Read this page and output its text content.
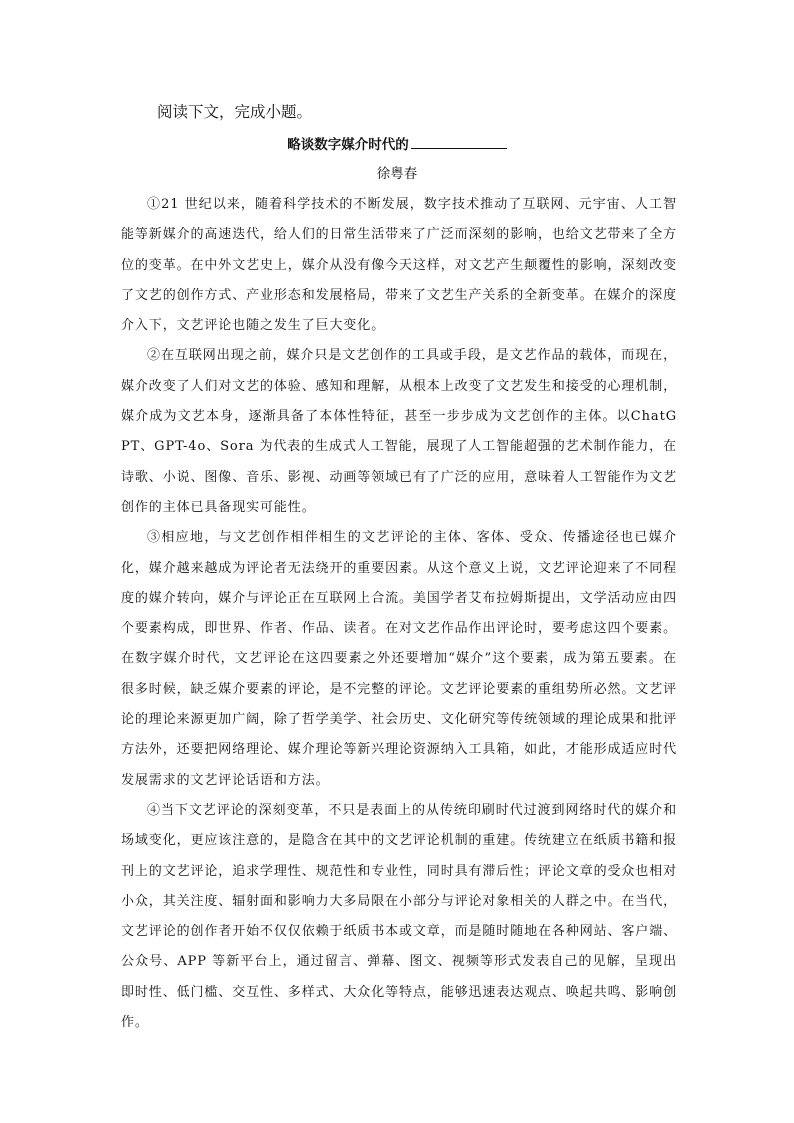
阅读下文，完成小题。
略谈数字媒介时代的
徐粤春

①21 世纪以来，随着科学技术的不断发展，数字技术推动了互联网、元宇宙、人工智能等新媒介的高速迭代，给人们的日常生活带来了广泛而深刻的影响，也给文艺带来了全方位的变革。在中外文艺史上，媒介从没有像今天这样，对文艺产生颠覆性的影响，深刻改变了文艺的创作方式、产业形态和发展格局，带来了文艺生产关系的全新变革。在媒介的深度介入下，文艺评论也随之发生了巨大变化。

②在互联网出现之前，媒介只是文艺创作的工具或手段，是文艺作品的载体，而现在，媒介改变了人们对文艺的体验、感知和理解，从根本上改变了文艺发生和接受的心理机制，媒介成为文艺本身，逐渐具备了本体性特征，甚至一步步成为文艺创作的主体。以ChatGPT、GPT-4o、Sora 为代表的生成式人工智能，展现了人工智能超强的艺术制作能力，在诗歌、小说、图像、音乐、影视、动画等领域已有了广泛的应用，意味着人工智能作为文艺创作的主体已具备现实可能性。

③相应地，与文艺创作相伴相生的文艺评论的主体、客体、受众、传播途径也已媒介化，媒介越来越成为评论者无法绕开的重要因素。从这个意义上说，文艺评论迎来了不同程度的媒介转向，媒介与评论正在互联网上合流。美国学者艾布拉姆斯提出，文学活动应由四个要素构成，即世界、作者、作品、读者。在对文艺作品作出评论时，要考虑这四个要素。在数字媒介时代，文艺评论在这四要素之外还要增加“媒介”这个要素，成为第五要素。在很多时候，缺乏媒介要素的评论，是不完整的评论。文艺评论要素的重组势所必然。文艺评论的理论来源更加广阔，除了哲学美学、社会历史、文化研究等传统领域的理论成果和批评方法外，还要把网络理论、媒介理论等新兴理论资源纳入工具箱，如此，才能形成适应时代发展需求的文艺评论话语和方法。

④当下文艺评论的深刻变革，不只是表面上的从传统印刷时代过渡到网络时代的媒介和场域变化，更应该注意的，是隐含在其中的文艺评论机制的重建。传统建立在纸质书籍和报刊上的文艺评论，追求学理性、规范性和专业性，同时具有滞后性；评论文章的受众也相对小众，其关注度、辐射面和影响力大多局限在小部分与评论对象相关的人群之中。在当代，文艺评论的创作者开始不仅仅依赖于纸质书本或文章，而是随时随地在各种网站、客户端、公众号、APP 等新平台上，通过留言、弹幕、图文、视频等形式发表自己的见解，呈现出即时性、低门槛、交互性、多样式、大众化等特点，能够迅速表达观点、唤起共鸣、影响创作。
